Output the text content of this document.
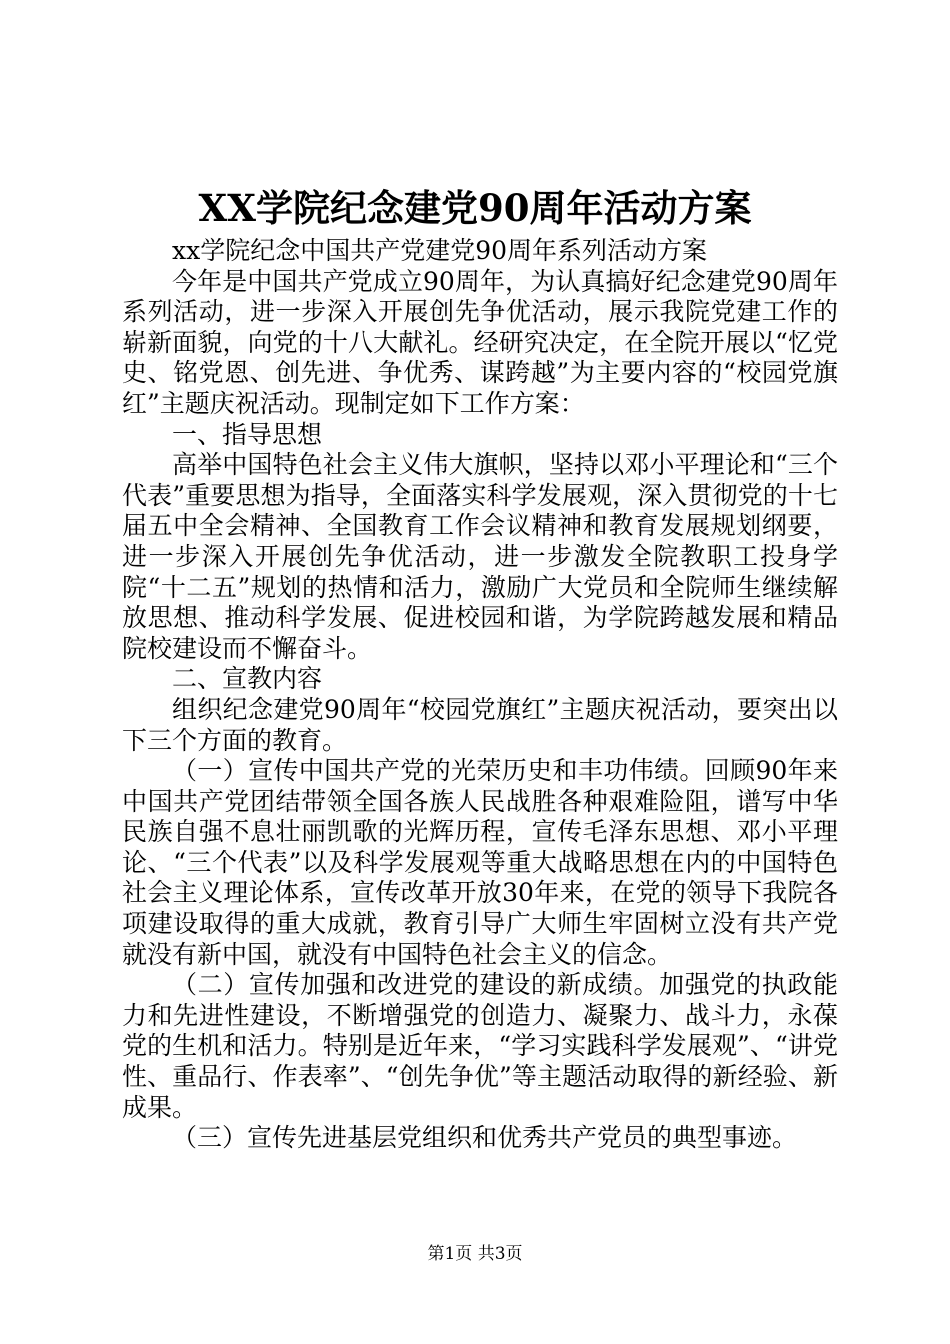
XX学院纪念建党90周年活动方案

xx学院纪念中国共产党建党90周年系列活动方案

今年是中国共产党成立90周年，为认真搞好纪念建党90周年系列活动，进一步深入开展创先争优活动，展示我院党建工作的崭新面貌，向党的十八大献礼。经研究决定，在全院开展以“忆党史、铭党恩、创先进、争优秀、谋跨越”为主要内容的“校园党旗红”主题庆祝活动。现制定如下工作方案：

一、指导思想

高举中国特色社会主义伟大旗帜，坚持以邓小平理论和“三个代表”重要思想为指导，全面落实科学发展观，深入贯彻党的十七届五中全会精神、全国教育工作会议精神和教育发展规划纲要，进一步深入开展创先争优活动，进一步激发全院教职工投身学院“十二五”规划的热情和活力，激励广大党员和全院师生继续解放思想、推动科学发展、促进校园和谐，为学院跨越发展和精品院校建设而不懈奋斗。

二、宣教内容

组织纪念建党90周年“校园党旗红”主题庆祝活动，要突出以下三个方面的教育。

（一）宣传中国共产党的光荣历史和丰功伟绩。回顾90年来中国共产党团结带领全国各族人民战胜各种艰难险阻，谱写中华民族自强不息壮丽凯歌的光辉历程，宣传毛泽东思想、邓小平理论、“三个代表”以及科学发展观等重大战略思想在内的中国特色社会主义理论体系，宣传改革开放30年来，在党的领导下我院各项建设取得的重大成就，教育引导广大师生牢固树立没有共产党就没有新中国，就没有中国特色社会主义的信念。

（二）宣传加强和改进党的建设的新成绩。加强党的执政能力和先进性建设，不断增强党的创造力、凝聚力、战斗力，永葆党的生机和活力。特别是近年来，“学习实践科学发展观”、“讲党性、重品行、作表率”、“创先争优”等主题活动取得的新经验、新成果。

（三）宣传先进基层党组织和优秀共产党员的典型事迹。

第1页 共3页
